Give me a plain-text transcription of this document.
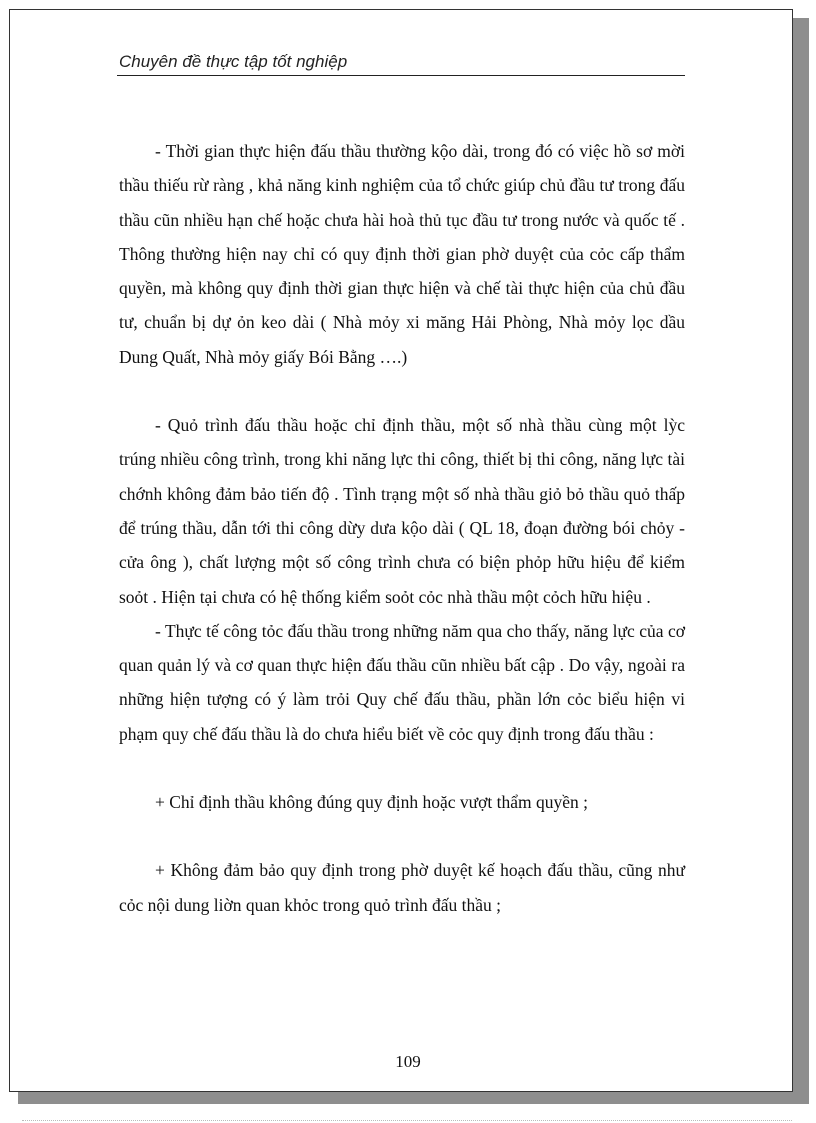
Chuyên đề thực tập tốt nghiệp

- Thời gian thực hiện đấu thầu thường kộo dài, trong đó có việc hồ sơ mời thầu thiếu rừ ràng , khả năng kinh nghiệm của tổ chức giúp chủ đầu tư trong đấu thầu cũn nhiều hạn chế hoặc chưa hài hoà thủ tục đầu tư trong nước và quốc tế . Thông thường hiện nay chỉ có quy định thời gian phờ duyệt của cỏc cấp thẩm quyền, mà không quy định thời gian thực hiện và chế tài thực hiện của chủ đầu tư, chuẩn bị dự ỏn keo dài ( Nhà mỏy xi măng Hải Phòng, Nhà mỏy lọc dầu Dung Quất, Nhà mỏy giấy Bói Bằng ….)

- Quỏ trình đấu thầu hoặc chỉ định thầu, một số nhà thầu cùng một lỳc trúng nhiều công trình, trong khi năng lực thi công, thiết bị thi công, năng lực tài chớnh không đảm bảo tiến độ . Tình trạng một số nhà thầu giỏ bỏ thầu quỏ thấp để trúng thầu, dẫn tới thi công dừy dưa kộo dài ( QL 18, đoạn đường bói chỏy - cửa ông ), chất lượng một số công trình chưa có biện phỏp hữu hiệu để kiểm soỏt . Hiện tại chưa có hệ thống kiểm soỏt cỏc nhà thầu một cỏch hữu hiệu .

- Thực tế công tỏc đấu thầu trong những năm qua cho thấy, năng lực của cơ quan quản lý và cơ quan thực hiện đấu thầu cũn nhiều bất cập . Do vậy, ngoài ra những hiện tượng có ý làm trỏi Quy chế đấu thầu, phần lớn cỏc biểu hiện vi phạm quy chế đấu thầu là do chưa hiểu biết về cỏc quy định trong đấu thầu :

+ Chỉ định thầu không đúng quy định hoặc vượt thẩm quyền ;

+ Không đảm bảo quy định trong phờ duyệt kế hoạch đấu thầu, cũng như cỏc nội dung liờn quan khỏc trong quỏ trình đấu thầu ;

109
